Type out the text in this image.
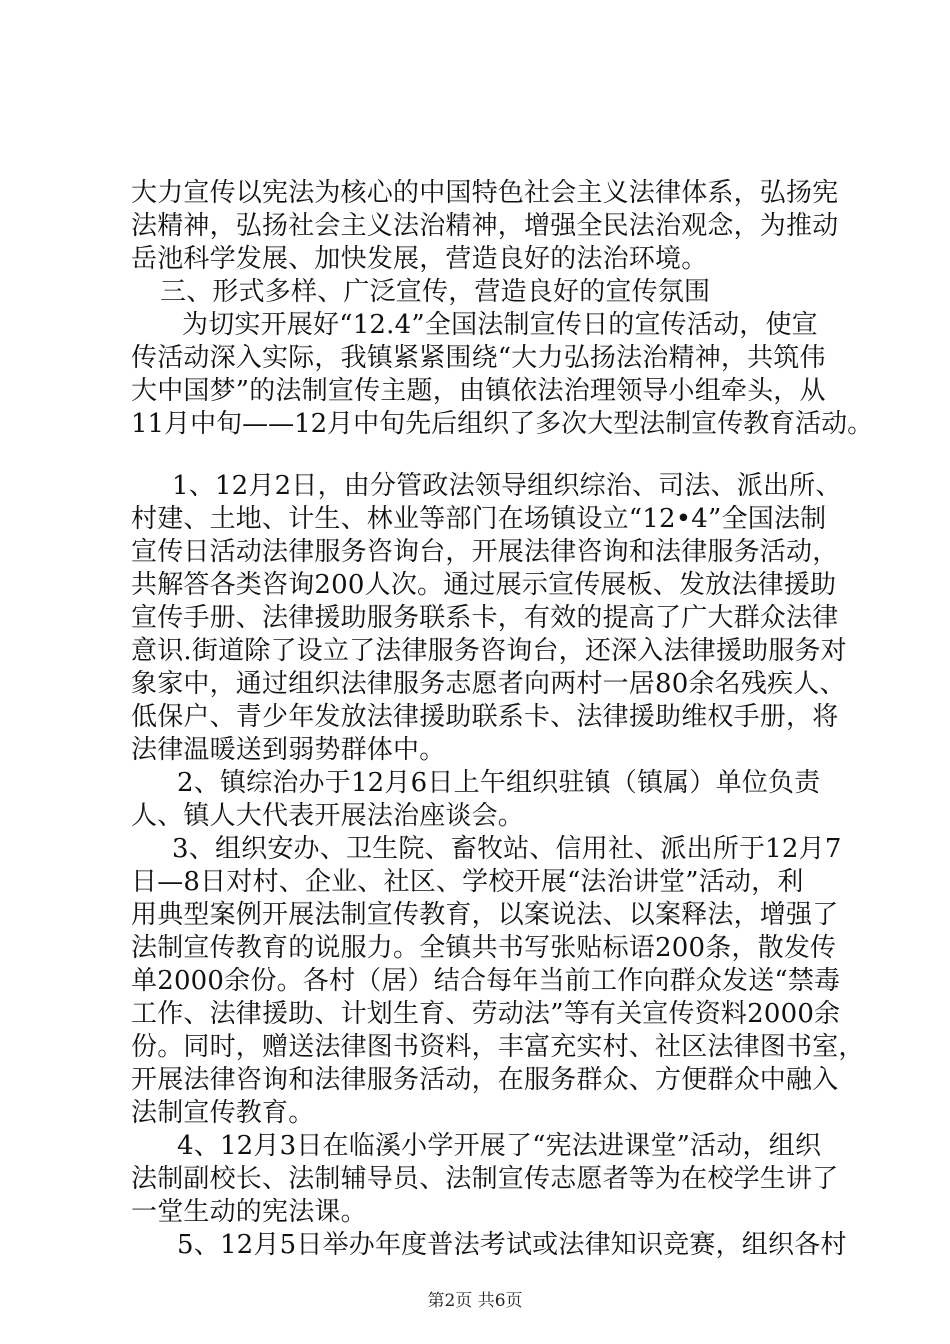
大力宣传以宪法为核心的中国特色社会主义法律体系，弘扬宪
法精神，弘扬社会主义法治精神，增强全民法治观念，为推动
岳池科学发展、加快发展，营造良好的法治环境。
三、形式多样、广泛宣传，营造良好的宣传氛围
为切实开展好“12.4”全国法制宣传日的宣传活动，使宣
传活动深入实际，我镇紧紧围绕“大力弘扬法治精神，共筑伟
大中国梦”的法制宣传主题，由镇依法治理领导小组牵头，从
11月中旬——12月中旬先后组织了多次大型法制宣传教育活动。
1、12月2日，由分管政法领导组织综治、司法、派出所、
村建、土地、计生、林业等部门在场镇设立“12•4”全国法制
宣传日活动法律服务咨询台，开展法律咨询和法律服务活动，
共解答各类咨询200人次。通过展示宣传展板、发放法律援助
宣传手册、法律援助服务联系卡，有效的提高了广大群众法律
意识.街道除了设立了法律服务咨询台，还深入法律援助服务对
象家中，通过组织法律服务志愿者向两村一居80余名残疾人、
低保户、青少年发放法律援助联系卡、法律援助维权手册，将
法律温暖送到弱势群体中。
2、镇综治办于12月6日上午组织驻镇（镇属）单位负责
人、镇人大代表开展法治座谈会。
3、组织安办、卫生院、畜牧站、信用社、派出所于12月7
日—8日对村、企业、社区、学校开展“法治讲堂”活动，利
用典型案例开展法制宣传教育，以案说法、以案释法，增强了
法制宣传教育的说服力。全镇共书写张贴标语200条，散发传
单2000余份。各村（居）结合每年当前工作向群众发送“禁毒
工作、法律援助、计划生育、劳动法”等有关宣传资料2000余
份。同时，赠送法律图书资料，丰富充实村、社区法律图书室，
开展法律咨询和法律服务活动，在服务群众、方便群众中融入
法制宣传教育。
4、12月3日在临溪小学开展了“宪法进课堂”活动，组织
法制副校长、法制辅导员、法制宣传志愿者等为在校学生讲了
一堂生动的宪法课。
5、12月5日举办年度普法考试或法律知识竞赛，组织各村
第2页 共6页
